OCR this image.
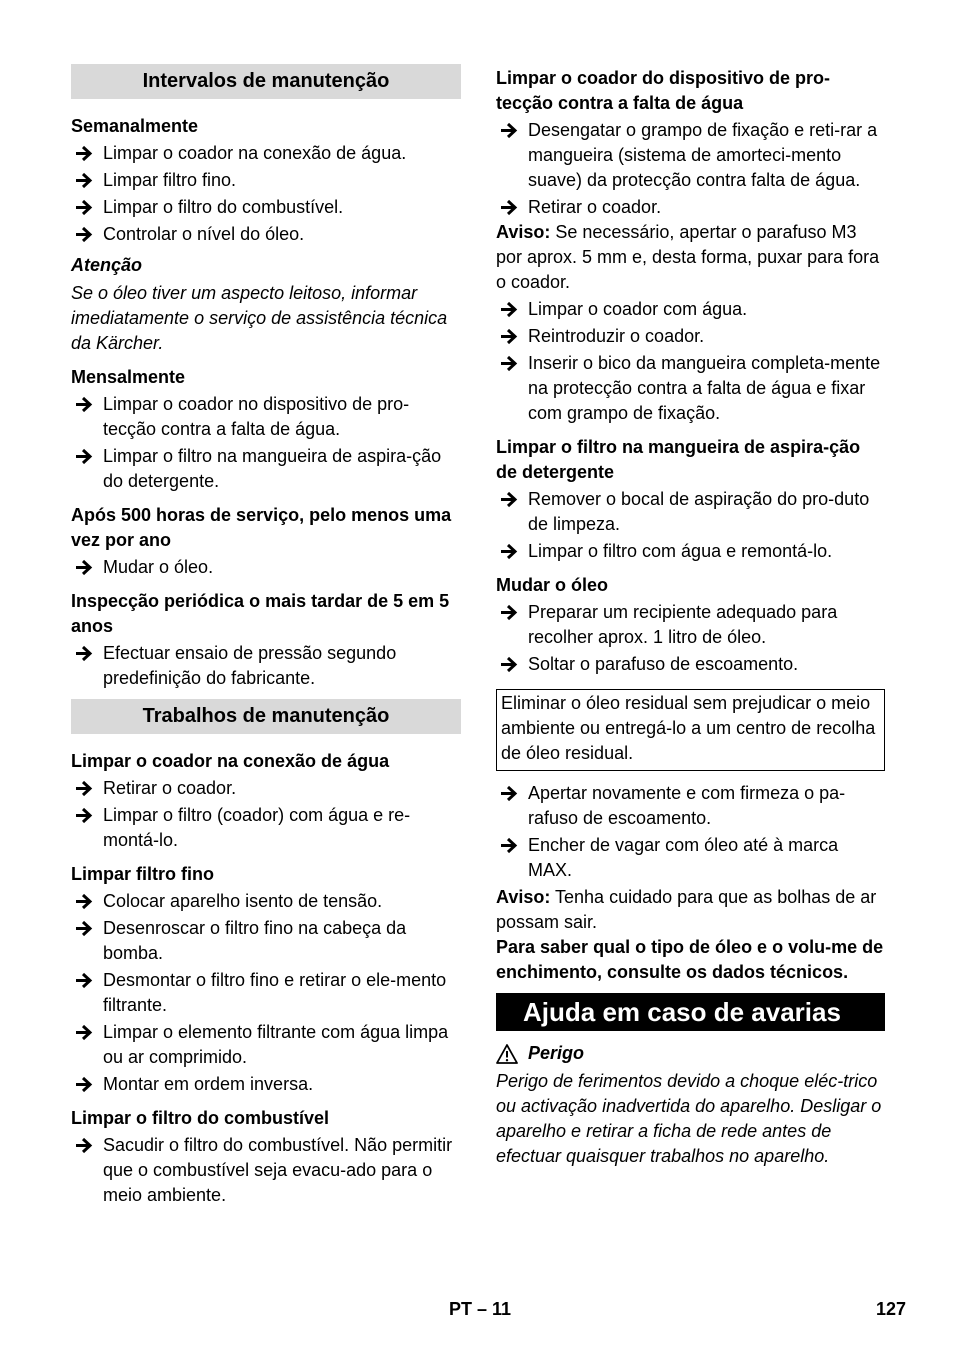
Intervalos de manutenção
Semanalmente
Limpar o coador na conexão de água.
Limpar filtro fino.
Limpar o filtro do combustível.
Controlar o nível do óleo.
Atenção
Se o óleo tiver um aspecto leitoso, informar imediatamente o serviço de assistência técnica da Kärcher.
Mensalmente
Limpar o coador no dispositivo de pro-tecção contra a falta de água.
Limpar o filtro na mangueira de aspira-ção do detergente.
Após 500 horas de serviço, pelo menos uma vez por ano
Mudar o óleo.
Inspecção periódica o mais tardar de 5 em 5 anos
Efectuar ensaio de pressão segundo predefinição do fabricante.
Trabalhos de manutenção
Limpar o coador na conexão de água
Retirar o coador.
Limpar o filtro (coador) com água e re-montá-lo.
Limpar filtro fino
Colocar aparelho isento de tensão.
Desenroscar o filtro fino na cabeça da bomba.
Desmontar o filtro fino e retirar o ele-mento filtrante.
Limpar o elemento filtrante com água limpa ou ar comprimido.
Montar em ordem inversa.
Limpar o filtro do combustível
Sacudir o filtro do combustível. Não permitir que o combustível seja evacu-ado para o meio ambiente.
Limpar o coador do dispositivo de pro-tecção contra a falta de água
Desengatar o grampo de fixação e reti-rar a mangueira (sistema de amorteci-mento suave) da protecção contra falta de água.
Retirar o coador.
Aviso: Se necessário, apertar o parafuso M3 por aprox. 5 mm e, desta forma, puxar para fora o coador.
Limpar o coador com água.
Reintroduzir o coador.
Inserir o bico da mangueira completa-mente na protecção contra a falta de água e fixar com grampo de fixação.
Limpar o filtro na mangueira de aspira-ção de detergente
Remover o bocal de aspiração do pro-duto de limpeza.
Limpar o filtro com água e remontá-lo.
Mudar o óleo
Preparar um recipiente adequado para recolher aprox. 1 litro de óleo.
Soltar o parafuso de escoamento.
Eliminar o óleo residual sem prejudicar o meio ambiente ou entregá-lo a um centro de recolha de óleo residual.
Apertar novamente e com firmeza o pa-rafuso de escoamento.
Encher de vagar com óleo até à marca MAX.
Aviso: Tenha cuidado para que as bolhas de ar possam sair.
Para saber qual o tipo de óleo e o volu-me de enchimento, consulte os dados técnicos.
Ajuda em caso de avarias
Perigo
Perigo de ferimentos devido a choque eléc-trico ou activação inadvertida do aparelho. Desligar o aparelho e retirar a ficha de rede antes de efectuar quaisquer trabalhos no aparelho.
PT – 11	127
